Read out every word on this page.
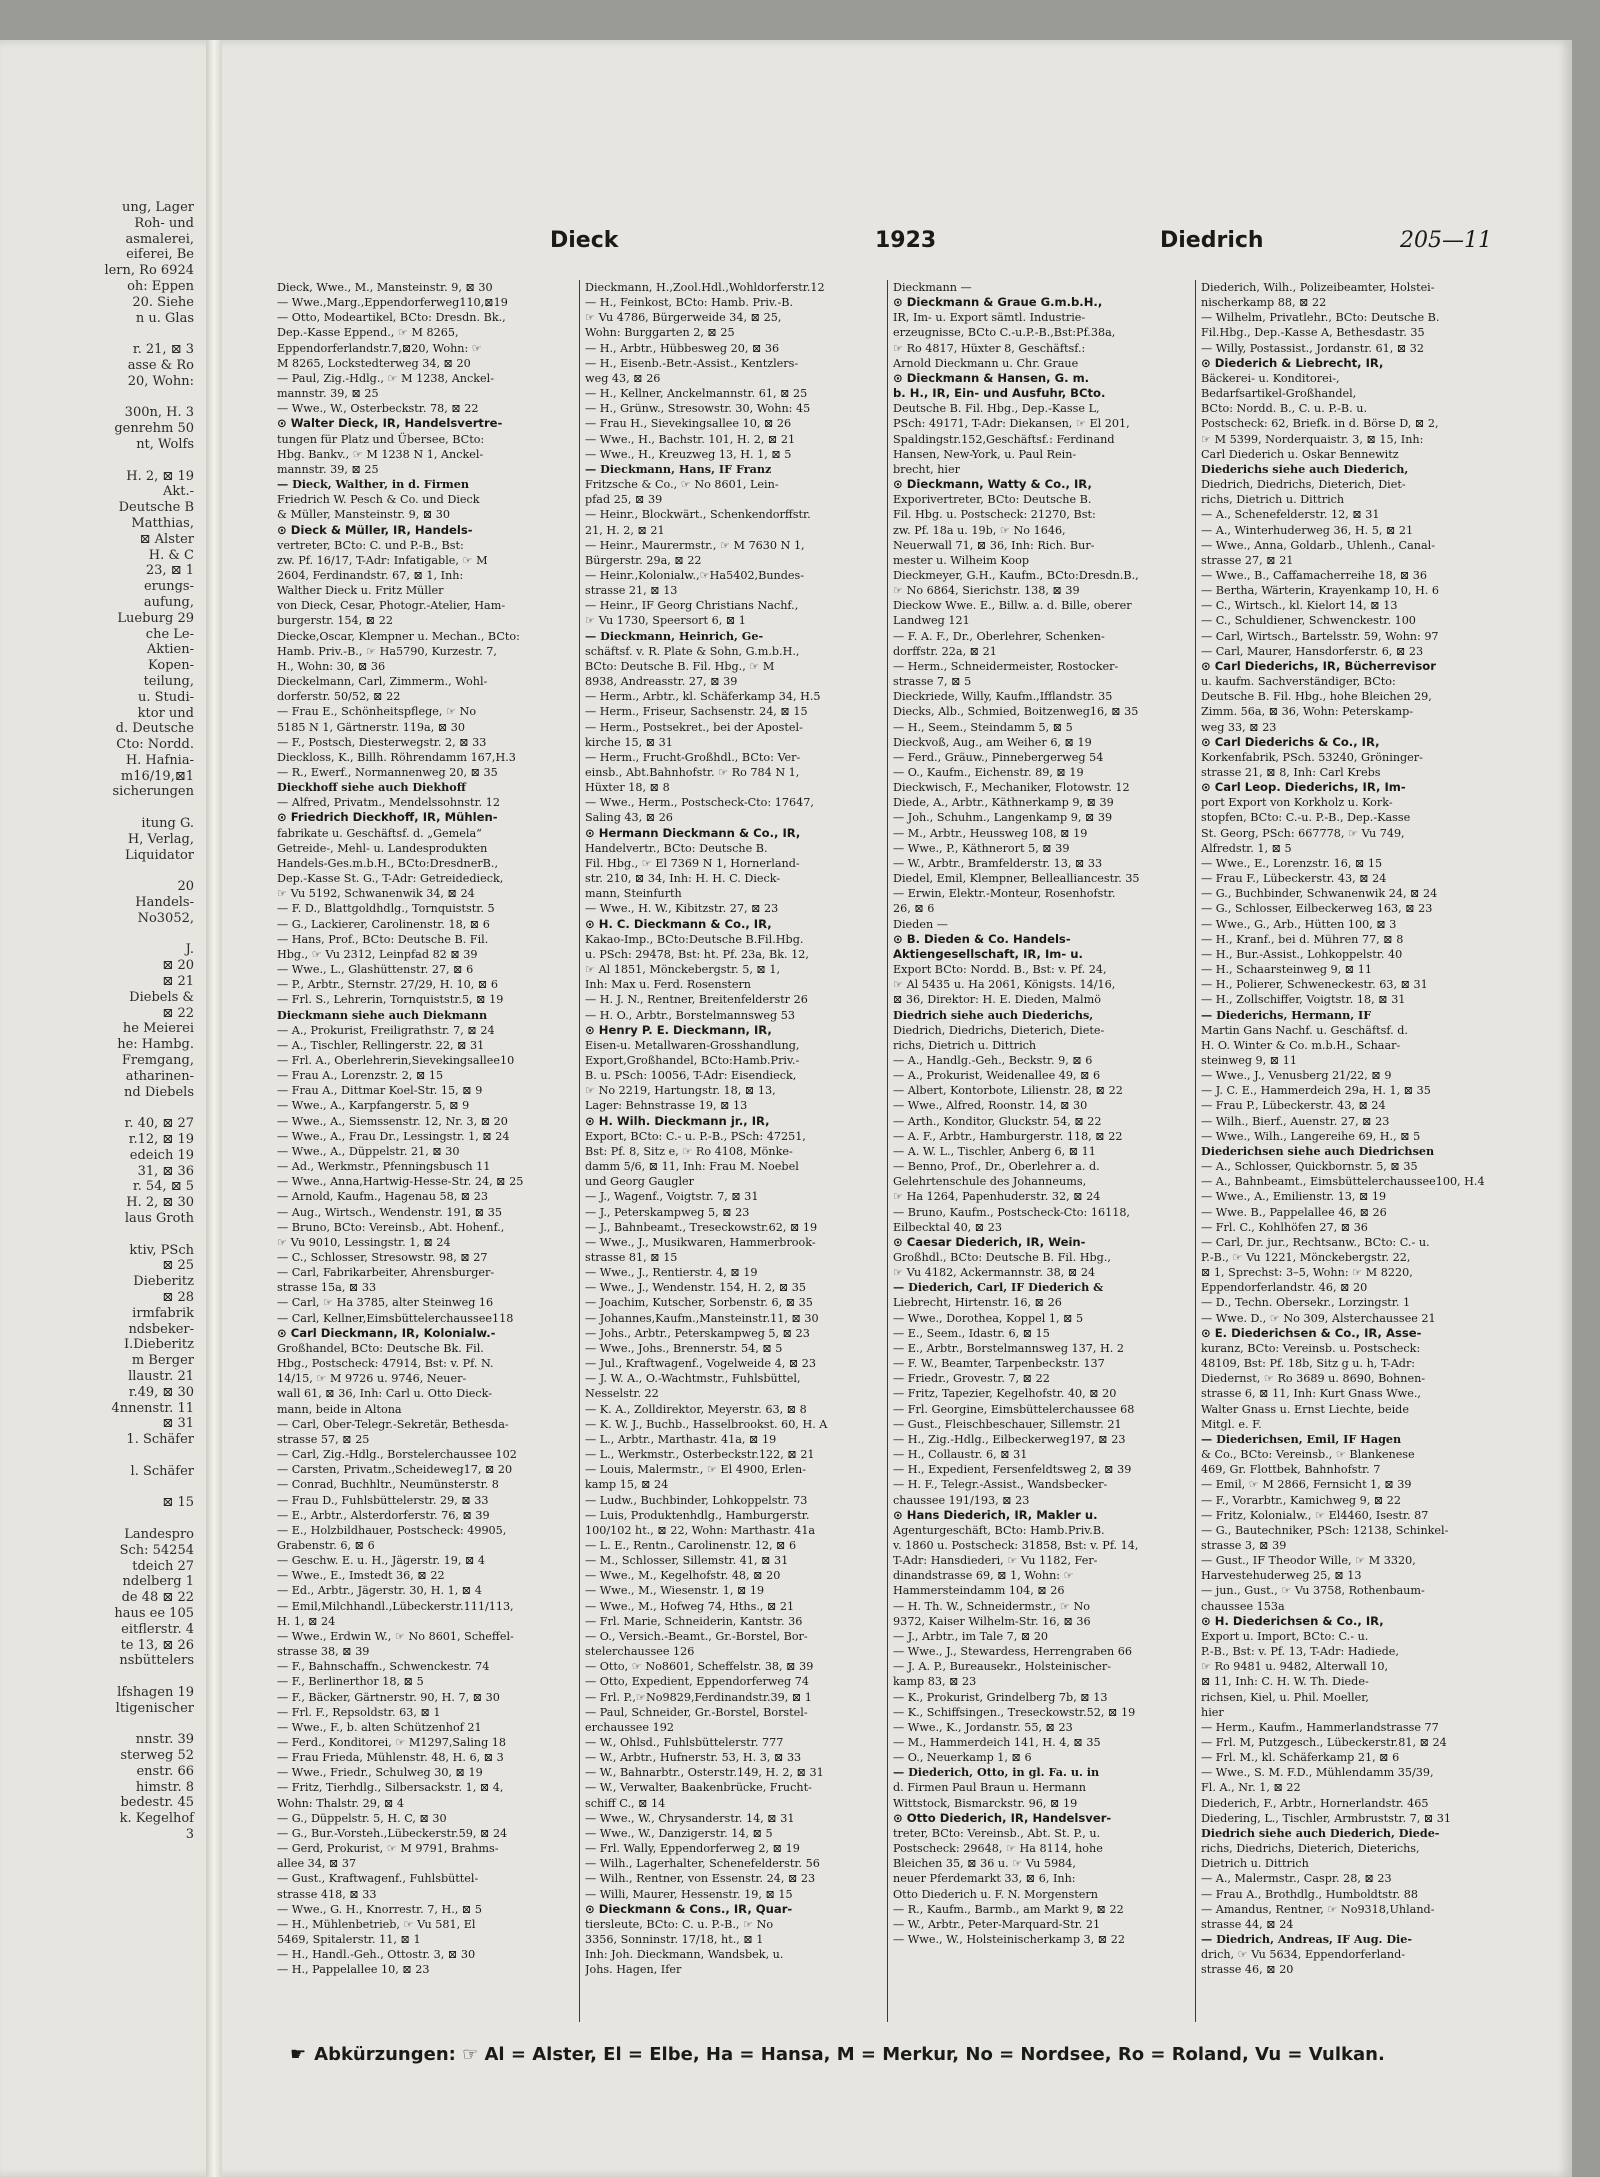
ung, Lager
Roh- und
asmalerei,
eiferei, Be
lern, Ro 6924
oh: Eppen
20. Siehe
n u. Glas

r. 21, ⊠ 3
asse & Ro
20, Wohn:

300n, H. 3
genrehm 50
nt, Wolfs

H. 2, ⊠ 19
Akt.-
Deutsche B
Matthias,
⊠ Alster
H. & C
23, ⊠ 1
erungs-
aufung,
Lueburg 29
che Le-
Aktien-
Kopen-
teilung,
u. Studi-
ktor und
d. Deutsche
Cto: Nordd.
H. Hafnia-
m16/19,⊠1
sicherungen

itung G.
H, Verlag,
Liquidator

20
Handels-
No3052,

J.
⊠ 20
⊠ 21
Diebels &
⊠ 22
he Meierei
he: Hambg.
Fremgang,
atharinen-
nd Diebels

r. 40, ⊠ 27
r.12, ⊠ 19
edeich 19
31, ⊠ 36
r. 54, ⊠ 5
H. 2, ⊠ 30
laus Groth

ktiv, PSch
⊠ 25
Dieberitz
⊠ 28
irmfabrik
ndsbeker-
I.Dieberitz
m Berger
llaustr. 21
r.49, ⊠ 30
4nnenstr. 11
⊠ 31
1. Schäfer

l. Schäfer

⊠ 15

Landespro
Sch: 54254
tdeich 27
ndelberg 1
de 48 ⊠ 22
haus ee 105
eitflerstr. 4
te 13, ⊠ 26
nsbüttelers

lfshagen 19
ltigenischer

nnstr. 39
sterweg 52
enstr. 66
himstr. 8
bedestr. 45
k. Kegelhof
3
Dieck	1923	Diedrich	205—11
Dieck, Wwe., M., Mansteinstr. 9, ⊠ 30
— Wwe.,Marg.,Eppendorferweg110,⊠19
— Otto, Modeartikel, BCto: Dresdn. Bk.,
Dep.-Kasse Eppend., ☞ M 8265,
Eppendorferlandstr.7,⊠20, Wohn: ☞
M 8265, Lockstedterweg 34, ⊠ 20
— Paul, Zig.-Hdlg., ☞ M 1238, Anckel-
mannstr. 39, ⊠ 25
— Wwe., W., Osterbeckstr. 78, ⊠ 22
⊙ Walter Dieck, IR, Handelsvertre-
tungen für Platz und Übersee, BCto:
Hbg. Bankv., ☞ M 1238 N 1, Anckel-
mannstr. 39, ⊠ 25
— Dieck, Walther, in d. Firmen
Friedrich W. Pesch & Co. und Dieck
& Müller, Mansteinstr. 9, ⊠ 30
⊙ Dieck & Müller, IR, Handels-
vertreter, BCto: C. und P.-B., Bst:
zw. Pf. 16/17, T-Adr: Infatigable, ☞ M
2604, Ferdinandstr. 67, ⊠ 1, Inh:
Walther Dieck u. Fritz Müller
von Dieck, Cesar, Photogr.-Atelier, Ham-
burgerstr. 154, ⊠ 22
Diecke,Oscar, Klempner u. Mechan., BCto:
Hamb. Priv.-B., ☞ Ha5790, Kurzestr. 7,
H., Wohn: 30, ⊠ 36
Dieckelmann, Carl, Zimmerm., Wohl-
dorferstr. 50/52, ⊠ 22
— Frau E., Schönheitspflege, ☞ No
5185 N 1, Gärtnerstr. 119a, ⊠ 30
— F., Postsch, Diesterwegstr. 2, ⊠ 33
Dieckloss, K., Billh. Röhrendamm 167,H.3
— R., Ewerf., Normannenweg 20, ⊠ 35
Dieckhoff siehe auch Diekhoff
— Alfred, Privatm., Mendelssohnstr. 12
⊙ Friedrich Dieckhoff, IR, Mühlen-
fabrikate u. Geschäftsf. d. „Gemela“
Getreide-, Mehl- u. Landesprodukten
Handels-Ges.m.b.H., BCto:DresdnerB.,
Dep.-Kasse St. G., T-Adr: Getreidedieck,
☞ Vu 5192, Schwanenwik 34, ⊠ 24
— F. D., Blattgoldhdlg., Tornquiststr. 5
— G., Lackierer, Carolinenstr. 18, ⊠ 6
— Hans, Prof., BCto: Deutsche B. Fil.
Hbg., ☞ Vu 2312, Leinpfad 82 ⊠ 39
— Wwe., L., Glashüttenstr. 27, ⊠ 6
— P., Arbtr., Sternstr. 27/29, H. 10, ⊠ 6
— Frl. S., Lehrerin, Tornquiststr.5, ⊠ 19
Dieckmann siehe auch Diekmann
— A., Prokurist, Freiligrathstr. 7, ⊠ 24
— A., Tischler, Rellingerstr. 22, ⊠ 31
— Frl. A., Oberlehrerin,Sievekingsallee10
— Frau A., Lorenzstr. 2, ⊠ 15
— Frau A., Dittmar Koel-Str. 15, ⊠ 9
— Wwe., A., Karpfangerstr. 5, ⊠ 9
— Wwe., A., Siemssenstr. 12, Nr. 3, ⊠ 20
— Wwe., A., Frau Dr., Lessingstr. 1, ⊠ 24
— Wwe., A., Düppelstr. 21, ⊠ 30
— Ad., Werkmstr., Pfenningsbusch 11
— Wwe., Anna,Hartwig-Hesse-Str. 24, ⊠ 25
— Arnold, Kaufm., Hagenau 58, ⊠ 23
— Aug., Wirtsch., Wendenstr. 191, ⊠ 35
— Bruno, BCto: Vereinsb., Abt. Hohenf.,
☞ Vu 9010, Lessingstr. 1, ⊠ 24
— C., Schlosser, Stresowstr. 98, ⊠ 27
— Carl, Fabrikarbeiter, Ahrensburger-
strasse 15a, ⊠ 33
— Carl, ☞ Ha 3785, alter Steinweg 16
— Carl, Kellner,Eimsbüttelerchaussee118
⊙ Carl Dieckmann, IR, Kolonialw.-
Großhandel, BCto: Deutsche Bk. Fil.
Hbg., Postscheck: 47914, Bst: v. Pf. N.
14/15, ☞ M 9726 u. 9746, Neuer-
wall 61, ⊠ 36, Inh: Carl u. Otto Dieck-
mann, beide in Altona
— Carl, Ober-Telegr.-Sekretär, Bethesda-
strasse 57, ⊠ 25
— Carl, Zig.-Hdlg., Borstelerchaussee 102
— Carsten, Privatm.,Scheideweg17, ⊠ 20
— Conrad, Buchhltr., Neumünsterstr. 8
— Frau D., Fuhlsbüttelerstr. 29, ⊠ 33
— E., Arbtr., Alsterdorferstr. 76, ⊠ 39
— E., Holzbildhauer, Postscheck: 49905,
Grabenstr. 6, ⊠ 6
— Geschw. E. u. H., Jägerstr. 19, ⊠ 4
— Wwe., E., Imstedt 36, ⊠ 22
— Ed., Arbtr., Jägerstr. 30, H. 1, ⊠ 4
— Emil,Milchhandl.,Lübeckerstr.111/113,
H. 1, ⊠ 24
— Wwe., Erdwin W., ☞ No 8601, Scheffel-
strasse 38, ⊠ 39
— F., Bahnschaffn., Schwenckestr. 74
— F., Berlinerthor 18, ⊠ 5
— F., Bäcker, Gärtnerstr. 90, H. 7, ⊠ 30
— Frl. F., Repsoldstr. 63, ⊠ 1
— Wwe., F., b. alten Schützenhof 21
— Ferd., Konditorei, ☞ M1297,Saling 18
— Frau Frieda, Mühlenstr. 48, H. 6, ⊠ 3
— Wwe., Friedr., Schulweg 30, ⊠ 19
— Fritz, Tierhdlg., Silbersackstr. 1, ⊠ 4,
Wohn: Thalstr. 29, ⊠ 4
— G., Düppelstr. 5, H. C, ⊠ 30
— G., Bur.-Vorsteh.,Lübeckerstr.59, ⊠ 24
— Gerd, Prokurist, ☞ M 9791, Brahms-
allee 34, ⊠ 37
— Gust., Kraftwagenf., Fuhlsbüttel-
strasse 418, ⊠ 33
— Wwe., G. H., Knorrestr. 7, H., ⊠ 5
— H., Mühlenbetrieb, ☞ Vu 581, El
5469, Spitalerstr. 11, ⊠ 1
— H., Handl.-Geh., Ottostr. 3, ⊠ 30
— H., Pappelallee 10, ⊠ 23
Dieckmann, H.,Zool.Hdl.,Wohldorferstr.12
— H., Feinkost, BCto: Hamb. Priv.-B.
☞ Vu 4786, Bürgerweide 34, ⊠ 25,
Wohn: Burggarten 2, ⊠ 25
— H., Arbtr., Hübbesweg 20, ⊠ 36
— H., Eisenb.-Betr.-Assist., Kentzlers-
weg 43, ⊠ 26
— H., Kellner, Anckelmannstr. 61, ⊠ 25
— H., Grünw., Stresowstr. 30, Wohn: 45
— Frau H., Sievekingsallee 10, ⊠ 26
— Wwe., H., Bachstr. 101, H. 2, ⊠ 21
— Wwe., H., Kreuzweg 13, H. 1, ⊠ 5
— Dieckmann, Hans, IF Franz
Fritzsche & Co., ☞ No 8601, Lein-
pfad 25, ⊠ 39
— Heinr., Blockwärt., Schenkendorffstr.
21, H. 2, ⊠ 21
— Heinr., Maurermstr., ☞ M 7630 N 1,
Bürgerstr. 29a, ⊠ 22
— Heinr.,Kolonialw.,☞Ha5402,Bundes-
strasse 21, ⊠ 13
— Heinr., IF Georg Christians Nachf.,
☞ Vu 1730, Speersort 6, ⊠ 1
— Dieckmann, Heinrich, Ge-
schäftsf. v. R. Plate & Sohn, G.m.b.H.,
BCto: Deutsche B. Fil. Hbg., ☞ M
8938, Andreasstr. 27, ⊠ 39
— Herm., Arbtr., kl. Schäferkamp 34, H.5
— Herm., Friseur, Sachsenstr. 24, ⊠ 15
— Herm., Postsekret., bei der Apostel-
kirche 15, ⊠ 31
— Herm., Frucht-Großhdl., BCto: Ver-
einsb., Abt.Bahnhofstr. ☞ Ro 784 N 1,
Hüxter 18, ⊠ 8
— Wwe., Herm., Postscheck-Cto: 17647,
Saling 43, ⊠ 26
⊙ Hermann Dieckmann & Co., IR,
Handelvertr., BCto: Deutsche B.
Fil. Hbg., ☞ El 7369 N 1, Hornerland-
str. 210, ⊠ 34, Inh: H. H. C. Dieck-
mann, Steinfurth
— Wwe., H. W., Kibitzstr. 27, ⊠ 23
⊙ H. C. Dieckmann & Co., IR,
Kakao-Imp., BCto:Deutsche B.Fil.Hbg.
u. PSch: 29478, Bst: ht. Pf. 23a, Bk. 12,
☞ Al 1851, Mönckebergstr. 5, ⊠ 1,
Inh: Max u. Ferd. Rosenstern
— H. J. N., Rentner, Breitenfelderstr 26
— H. O., Arbtr., Borstelmannsweg 53
⊙ Henry P. E. Dieckmann, IR,
Eisen-u. Metallwaren-Grosshandlung,
Export,Großhandel, BCto:Hamb.Priv.-
B. u. PSch: 10056, T-Adr: Eisendieck,
☞ No 2219, Hartungstr. 18, ⊠ 13,
Lager: Behnstrasse 19, ⊠ 13
⊙ H. Wilh. Dieckmann jr., IR,
Export, BCto: C.- u. P.-B., PSch: 47251,
Bst: Pf. 8, Sitz e, ☞ Ro 4108, Mönke-
damm 5/6, ⊠ 11, Inh: Frau M. Noebel
und Georg Gaugler
— J., Wagenf., Voigtstr. 7, ⊠ 31
— J., Peterskampweg 5, ⊠ 23
— J., Bahnbeamt., Treseckowstr.62, ⊠ 19
— Wwe., J., Musikwaren, Hammerbrook-
strasse 81, ⊠ 15
— Wwe., J., Rentierstr. 4, ⊠ 19
— Wwe., J., Wendenstr. 154, H. 2, ⊠ 35
— Joachim, Kutscher, Sorbenstr. 6, ⊠ 35
— Johannes,Kaufm.,Mansteinstr.11, ⊠ 30
— Johs., Arbtr., Peterskampweg 5, ⊠ 23
— Wwe., Johs., Brennerstr. 54, ⊠ 5
— Jul., Kraftwagenf., Vogelweide 4, ⊠ 23
— J. W. A., O.-Wachtmstr., Fuhlsbüttel,
Nesselstr. 22
— K. A., Zolldirektor, Meyerstr. 63, ⊠ 8
— K. W. J., Buchb., Hasselbrookst. 60, H. A
— L., Arbtr., Marthastr. 41a, ⊠ 19
— L., Werkmstr., Osterbeckstr.122, ⊠ 21
— Louis, Malermstr., ☞ El 4900, Erlen-
kamp 15, ⊠ 24
— Ludw., Buchbinder, Lohkoppelstr. 73
— Luis, Produktenhdlg., Hamburgerstr.
100/102 ht., ⊠ 22, Wohn: Marthastr. 41a
— L. E., Rentn., Carolinenstr. 12, ⊠ 6
— M., Schlosser, Sillemstr. 41, ⊠ 31
— Wwe., M., Kegelhofstr. 48, ⊠ 20
— Wwe., M., Wiesenstr. 1, ⊠ 19
— Wwe., M., Hofweg 74, Hths., ⊠ 21
— Frl. Marie, Schneiderin, Kantstr. 36
— O., Versich.-Beamt., Gr.-Borstel, Bor-
stelerchaussee 126
— Otto, ☞ No8601, Scheffelstr. 38, ⊠ 39
— Otto, Expedient, Eppendorferweg 74
— Frl. P.,☞No9829,Ferdinandstr.39, ⊠ 1
— Paul, Schneider, Gr.-Borstel, Borstel-
erchaussee 192
— W., Ohlsd., Fuhlsbüttelerstr. 777
— W., Arbtr., Hufnerstr. 53, H. 3, ⊠ 33
— W., Bahnarbtr., Osterstr.149, H. 2, ⊠ 31
— W., Verwalter, Baakenbrücke, Frucht-
schiff C., ⊠ 14
— Wwe., W., Chrysanderstr. 14, ⊠ 31
— Wwe., W., Danzigerstr. 14, ⊠ 5
— Frl. Wally, Eppendorferweg 2, ⊠ 19
— Wilh., Lagerhalter, Schenefelderstr. 56
— Wilh., Rentner, von Essenstr. 24, ⊠ 23
— Willi, Maurer, Hessenstr. 19, ⊠ 15
⊙ Dieckmann & Cons., IR, Quar-
tiersleute, BCto: C. u. P.-B., ☞ No
3356, Sonninstr. 17/18, ht., ⊠ 1
Inh: Joh. Dieckmann, Wandsbek, u.
Johs. Hagen, Ifer
Dieckmann —
⊙ Dieckmann & Graue G.m.b.H.,
IR, Im- u. Export sämtl. Industrie-
erzeugnisse, BCto C.-u.P.-B.,Bst:Pf.38a,
☞ Ro 4817, Hüxter 8, Geschäftsf.:
Arnold Dieckmann u. Chr. Graue
⊙ Dieckmann & Hansen, G. m.
b. H., IR, Ein- und Ausfuhr, BCto.
Deutsche B. Fil. Hbg., Dep.-Kasse L,
PSch: 49171, T-Adr: Diekansen, ☞ El 201,
Spaldingstr.152,Geschäftsf.: Ferdinand
Hansen, New-York, u. Paul Rein-
brecht, hier
⊙ Dieckmann, Watty & Co., IR,
Exporivertreter, BCto: Deutsche B.
Fil. Hbg. u. Postscheck: 21270, Bst:
zw. Pf. 18a u. 19b, ☞ No 1646,
Neuerwall 71, ⊠ 36, Inh: Rich. Bur-
mester u. Wilheim Koop
Dieckmeyer, G.H., Kaufm., BCto:Dresdn.B.,
☞ No 6864, Sierichstr. 138, ⊠ 39
Dieckow Wwe. E., Billw. a. d. Bille, oberer
Landweg 121
— F. A. F., Dr., Oberlehrer, Schenken-
dorffstr. 22a, ⊠ 21
— Herm., Schneidermeister, Rostocker-
strasse 7, ⊠ 5
Dieckriede, Willy, Kaufm.,Ifflandstr. 35
Diecks, Alb., Schmied, Boitzenweg16, ⊠ 35
— H., Seem., Steindamm 5, ⊠ 5
Dieckvoß, Aug., am Weiher 6, ⊠ 19
— Ferd., Gräuw., Pinnebergerweg 54
— O., Kaufm., Eichenstr. 89, ⊠ 19
Dieckwisch, F., Mechaniker, Flotowstr. 12
Diede, A., Arbtr., Käthnerkamp 9, ⊠ 39
— Joh., Schuhm., Langenkamp 9, ⊠ 39
— M., Arbtr., Heussweg 108, ⊠ 19
— Wwe., P., Käthnerort 5, ⊠ 39
— W., Arbtr., Bramfelderstr. 13, ⊠ 33
Diedel, Emil, Klempner, Bellealliancestr. 35
— Erwin, Elektr.-Monteur, Rosenhofstr.
26, ⊠ 6
Dieden —
⊙ B. Dieden & Co. Handels-
Aktiengesellschaft, IR, Im- u.
Export BCto: Nordd. B., Bst: v. Pf. 24,
☞ Al 5435 u. Ha 2061, Königsts. 14/16,
⊠ 36, Direktor: H. E. Dieden, Malmö
Diedrich siehe auch Diederichs,
Diedrich, Diedrichs, Dieterich, Diete-
richs, Dietrich u. Dittrich
— A., Handlg.-Geh., Beckstr. 9, ⊠ 6
— A., Prokurist, Weidenallee 49, ⊠ 6
— Albert, Kontorbote, Lilienstr. 28, ⊠ 22
— Wwe., Alfred, Roonstr. 14, ⊠ 30
— Arth., Konditor, Gluckstr. 54, ⊠ 22
— A. F., Arbtr., Hamburgerstr. 118, ⊠ 22
— A. W. L., Tischler, Anberg 6, ⊠ 11
— Benno, Prof., Dr., Oberlehrer a. d.
Gelehrtenschule des Johanneums,
☞ Ha 1264, Papenhuderstr. 32, ⊠ 24
— Bruno, Kaufm., Postscheck-Cto: 16118,
Eilbecktal 40, ⊠ 23
⊙ Caesar Diederich, IR, Wein-
Großhdl., BCto: Deutsche B. Fil. Hbg.,
☞ Vu 4182, Ackermannstr. 38, ⊠ 24
— Diederich, Carl, IF Diederich &
Liebrecht, Hirtenstr. 16, ⊠ 26
— Wwe., Dorothea, Koppel 1, ⊠ 5
— E., Seem., Idastr. 6, ⊠ 15
— E., Arbtr., Borstelmannsweg 137, H. 2
— F. W., Beamter, Tarpenbeckstr. 137
— Friedr., Grovestr. 7, ⊠ 22
— Fritz, Tapezier, Kegelhofstr. 40, ⊠ 20
— Frl. Georgine, Eimsbüttelerchaussee 68
— Gust., Fleischbeschauer, Sillemstr. 21
— H., Zig.-Hdlg., Eilbeckerweg197, ⊠ 23
— H., Collaustr. 6, ⊠ 31
— H., Expedient, Fersenfeldtsweg 2, ⊠ 39
— H. F., Telegr.-Assist., Wandsbecker-
chaussee 191/193, ⊠ 23
⊙ Hans Diederich, IR, Makler u.
Agenturgeschäft, BCto: Hamb.Priv.B.
v. 1860 u. Postscheck: 31858, Bst: v. Pf. 14,
T-Adr: Hansdiederi, ☞ Vu 1182, Fer-
dinandstrasse 69, ⊠ 1, Wohn: ☞
Hammersteindamm 104, ⊠ 26
— H. Th. W., Schneidermstr., ☞ No
9372, Kaiser Wilhelm-Str. 16, ⊠ 36
— J., Arbtr., im Tale 7, ⊠ 20
— Wwe., J., Stewardess, Herrengraben 66
— J. A. P., Bureausekr., Holsteinischer-
kamp 83, ⊠ 23
— K., Prokurist, Grindelberg 7b, ⊠ 13
— K., Schiffsingen., Treseckowstr.52, ⊠ 19
— Wwe., K., Jordanstr. 55, ⊠ 23
— M., Hammerdeich 141, H. 4, ⊠ 35
— O., Neuerkamp 1, ⊠ 6
— Diederich, Otto, in gl. Fa. u. in
d. Firmen Paul Braun u. Hermann
Wittstock, Bismarckstr. 96, ⊠ 19
⊙ Otto Diederich, IR, Handelsver-
treter, BCto: Vereinsb., Abt. St. P., u.
Postscheck: 29648, ☞ Ha 8114, hohe
Bleichen 35, ⊠ 36 u. ☞ Vu 5984,
neuer Pferdemarkt 33, ⊠ 6, Inh:
Otto Diederich u. F. N. Morgenstern
— R., Kaufm., Barmb., am Markt 9, ⊠ 22
— W., Arbtr., Peter-Marquard-Str. 21
— Wwe., W., Holsteinischerkamp 3, ⊠ 22
Diederich, Wilh., Polizeibeamter, Holstei-
nischerkamp 88, ⊠ 22
— Wilhelm, Privatlehr., BCto: Deutsche B.
Fil.Hbg., Dep.-Kasse A, Bethesdastr. 35
— Willy, Postassist., Jordanstr. 61, ⊠ 32
⊙ Diederich & Liebrecht, IR,
Bäckerei- u. Konditorei-,
Bedarfsartikel-Großhandel,
BCto: Nordd. B., C. u. P.-B. u.
Postscheck: 62, Briefk. in d. Börse D, ⊠ 2,
☞ M 5399, Norderquaistr. 3, ⊠ 15, Inh:
Carl Diederich u. Oskar Bennewitz
Diederichs siehe auch Diederich,
Diedrich, Diedrichs, Dieterich, Diet-
richs, Dietrich u. Dittrich
— A., Schenefelderstr. 12, ⊠ 31
— A., Winterhuderweg 36, H. 5, ⊠ 21
— Wwe., Anna, Goldarb., Uhlenh., Canal-
strasse 27, ⊠ 21
— Wwe., B., Caffamacherreihe 18, ⊠ 36
— Bertha, Wärterin, Krayenkamp 10, H. 6
— C., Wirtsch., kl. Kielort 14, ⊠ 13
— C., Schuldiener, Schwenckestr. 100
— Carl, Wirtsch., Bartelsstr. 59, Wohn: 97
— Carl, Maurer, Hansdorferstr. 6, ⊠ 23
⊙ Carl Diederichs, IR, Bücherrevisor
u. kaufm. Sachverständiger, BCto:
Deutsche B. Fil. Hbg., hohe Bleichen 29,
Zimm. 56a, ⊠ 36, Wohn: Peterskamp-
weg 33, ⊠ 23
⊙ Carl Diederichs & Co., IR,
Korkenfabrik, PSch. 53240, Gröninger-
strasse 21, ⊠ 8, Inh: Carl Krebs
⊙ Carl Leop. Diederichs, IR, Im-
port Export von Korkholz u. Kork-
stopfen, BCto: C.-u. P.-B., Dep.-Kasse
St. Georg, PSch: 667778, ☞ Vu 749,
Alfredstr. 1, ⊠ 5
— Wwe., E., Lorenzstr. 16, ⊠ 15
— Frau F., Lübeckerstr. 43, ⊠ 24
— G., Buchbinder, Schwanenwik 24, ⊠ 24
— G., Schlosser, Eilbeckerweg 163, ⊠ 23
— Wwe., G., Arb., Hütten 100, ⊠ 3
— H., Kranf., bei d. Mühren 77, ⊠ 8
— H., Bur.-Assist., Lohkoppelstr. 40
— H., Schaarsteinweg 9, ⊠ 11
— H., Polierer, Schweneckestr. 63, ⊠ 31
— H., Zollschiffer, Voigtstr. 18, ⊠ 31
— Diederichs, Hermann, IF
Martin Gans Nachf. u. Geschäftsf. d.
H. O. Winter & Co. m.b.H., Schaar-
steinweg 9, ⊠ 11
— Wwe., J., Venusberg 21/22, ⊠ 9
— J. C. E., Hammerdeich 29a, H. 1, ⊠ 35
— Frau P., Lübeckerstr. 43, ⊠ 24
— Wilh., Bierf., Auenstr. 27, ⊠ 23
— Wwe., Wilh., Langereihe 69, H., ⊠ 5
Diederichsen siehe auch Diedrichsen
— A., Schlosser, Quickbornstr. 5, ⊠ 35
— A., Bahnbeamt., Eimsbüttelerchaussee100, H.4
— Wwe., A., Emilienstr. 13, ⊠ 19
— Wwe. B., Pappelallee 46, ⊠ 26
— Frl. C., Kohlhöfen 27, ⊠ 36
— Carl, Dr. jur., Rechtsanw., BCto: C.- u.
P.-B., ☞ Vu 1221, Mönckebergstr. 22,
⊠ 1, Sprechst: 3–5, Wohn: ☞ M 8220,
Eppendorferlandstr. 46, ⊠ 20
— D., Techn. Obersekr., Lorzingstr. 1
— Wwe. D., ☞ No 309, Alsterchaussee 21
⊙ E. Diederichsen & Co., IR, Asse-
kuranz, BCto: Vereinsb. u. Postscheck:
48109, Bst: Pf. 18b, Sitz g u. h, T-Adr:
Diedernst, ☞ Ro 3689 u. 8690, Bohnen-
strasse 6, ⊠ 11, Inh: Kurt Gnass Wwe.,
Walter Gnass u. Ernst Liechte, beide
Mitgl. e. F.
— Diederichsen, Emil, IF Hagen
& Co., BCto: Vereinsb., ☞ Blankenese
469, Gr. Flottbek, Bahnhofstr. 7
— Emil, ☞ M 2866, Fernsicht 1, ⊠ 39
— F., Vorarbtr., Kamichweg 9, ⊠ 22
— Fritz, Kolonialw., ☞ El4460, Isestr. 87
— G., Bautechniker, PSch: 12138, Schinkel-
strasse 3, ⊠ 39
— Gust., IF Theodor Wille, ☞ M 3320,
Harvestehuderweg 25, ⊠ 13
— jun., Gust., ☞ Vu 3758, Rothenbaum-
chaussee 153a
⊙ H. Diederichsen & Co., IR,
Export u. Import, BCto: C.- u.
P.-B., Bst: v. Pf. 13, T-Adr: Hadiede,
☞ Ro 9481 u. 9482, Alterwall 10,
⊠ 11, Inh: C. H. W. Th. Diede-
richsen, Kiel, u. Phil. Moeller,
hier
— Herm., Kaufm., Hammerlandstrasse 77
— Frl. M, Putzgesch., Lübeckerstr.81, ⊠ 24
— Frl. M., kl. Schäferkamp 21, ⊠ 6
— Wwe., S. M. F.D., Mühlendamm 35/39,
Fl. A., Nr. 1, ⊠ 22
Diederich, F., Arbtr., Hornerlandstr. 465
Diedering, L., Tischler, Armbruststr. 7, ⊠ 31
Diedrich siehe auch Diederich, Diede-
richs, Diedrichs, Dieterich, Dieterichs,
Dietrich u. Dittrich
— A., Malermstr., Caspr. 28, ⊠ 23
— Frau A., Brothdlg., Humboldtstr. 88
— Amandus, Rentner, ☞ No9318,Uhland-
strasse 44, ⊠ 24
— Diedrich, Andreas, IF Aug. Die-
drich, ☞ Vu 5634, Eppendorferland-
strasse 46, ⊠ 20
☛ Abkürzungen: ☞ Al = Alster, El = Elbe, Ha = Hansa, M = Merkur, No = Nordsee, Ro = Roland, Vu = Vulkan.
